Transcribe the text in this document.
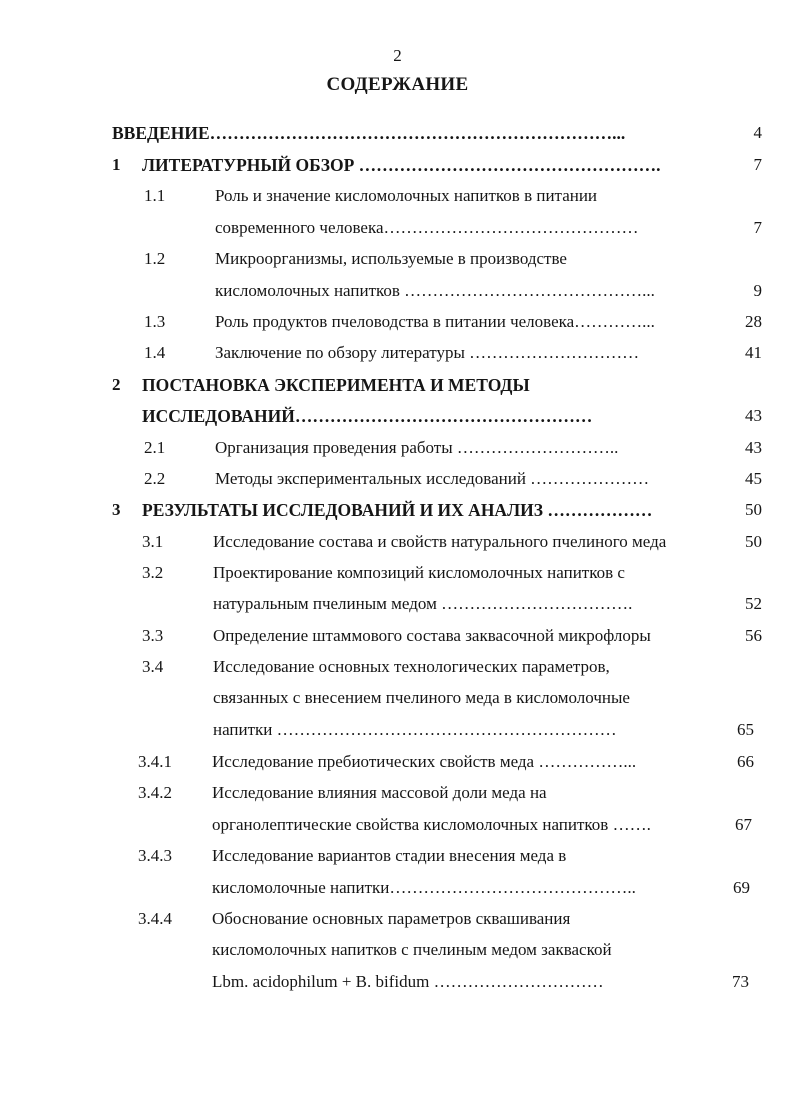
2
СОДЕРЖАНИЕ
ВВЕДЕНИЕ……………………………………………………………...	4
1 ЛИТЕРАТУРНЫЙ ОБЗОР …………………………………………….	7
1.1	Роль и значение кисломолочных напитков в питании
современного человека………………………………………	7
1.2	Микроорганизмы, используемые в производстве
кисломолочных напитков ……………………………………...	9
1.3	Роль продуктов пчеловодства в питании человека…………...	28
1.4	Заключение по обзору литературы …………………………	41
2 ПОСТАНОВКА ЭКСПЕРИМЕНТА И МЕТОДЫ
ИССЛЕДОВАНИЙ……………………………………………	43
2.1	Организация проведения работы ………………………..	43
2.2	Методы экспериментальных исследований …………………	45
3 РЕЗУЛЬТАТЫ ИССЛЕДОВАНИЙ И ИХ АНАЛИЗ ………………	50
3.1	Исследование состава и свойств натурального пчелиного меда	50
3.2	Проектирование композиций кисломолочных напитков с
натуральным пчелиным медом …………………………….	52
3.3	Определение штаммового состава заквасочной микрофлоры	56
3.4	Исследование основных технологических параметров,
связанных с внесением пчелиного меда в кисломолочные
напитки ……………………………………………………	65
3.4.1 Исследование пребиотических свойств меда ……………...	66
3.4.2 Исследование влияния массовой доли меда на
органолептические свойства кисломолочных напитков …….	67
3.4.3 Исследование вариантов стадии внесения меда в
кисломолочные напитки……………………………………..	69
3.4.4 Обоснование основных параметров сквашивания
кисломолочных напитков с пчелиным медом закваской
Lbm. acidophilum + B. bifidum …………………………	73
